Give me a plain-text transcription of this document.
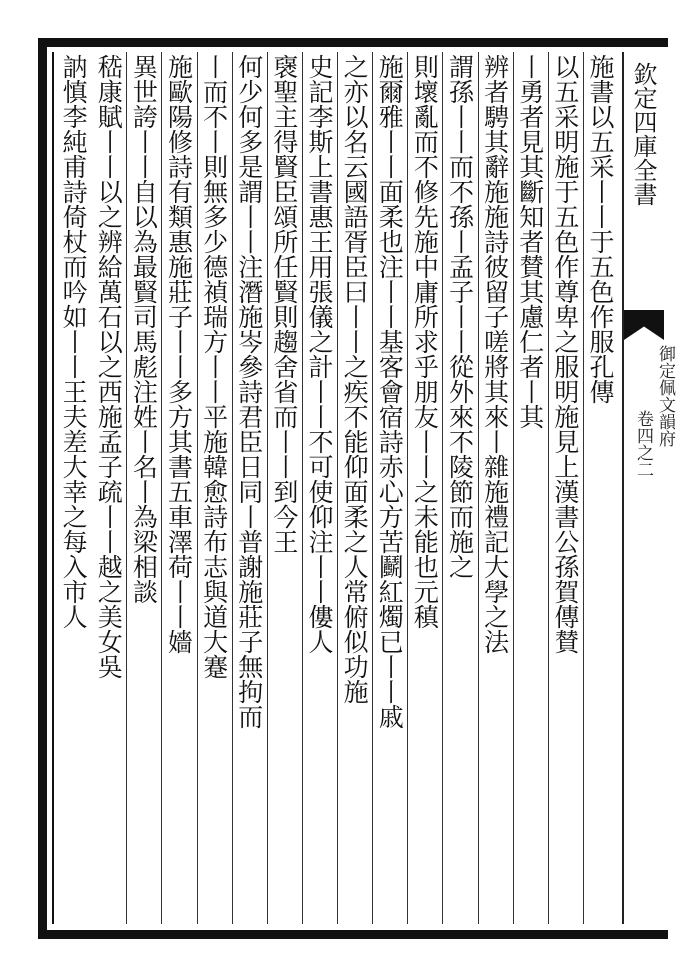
欽定四庫全書
御定佩文韻府
卷四之二
施書以五采丨丨于五色作服孔傳
以五采明施于五色作尊卑之服明施見上漢書公孫賀傳賛
丨勇者見其斷知者賛其慮仁者丨其
辨者騁其辭施施詩彼留子嗟將其來丨雜施禮記大學之法
謂孫丨丨而不孫丨孟子丨丨從外來不陵節而施之
則壞亂而不修先施中庸所求乎朋友丨丨之未能也元稹
施爾雅丨丨面柔也注丨丨基客會宿詩赤心方苦鬬紅燭已丨丨戚
之亦以名云國語胥臣曰丨丨之疾不能仰面柔之人常俯似功施
史記李斯上書惠王用張儀之計丨丨不可使仰注丨丨僂人
襃聖主得賢臣頌所任賢則趨舍省而丨丨到今王
何少何多是謂丨丨注潛施岑參詩君臣日同丨普謝施莊子無拘而
丨而不丨則無多少德禎瑞方丨丨平施韓愈詩布志與道大蹇
施歐陽修詩有類惠施莊子丨丨多方其書五車澤荷丨丨嬙
異世誇丨丨自以為最賢司馬彪注姓丨名丨為梁相談
嵇康賦丨丨以之辨給萬石以之西施孟子疏丨丨越之美女吳
訥慎李純甫詩倚杖而吟如丨丨王夫差大幸之每入市人
